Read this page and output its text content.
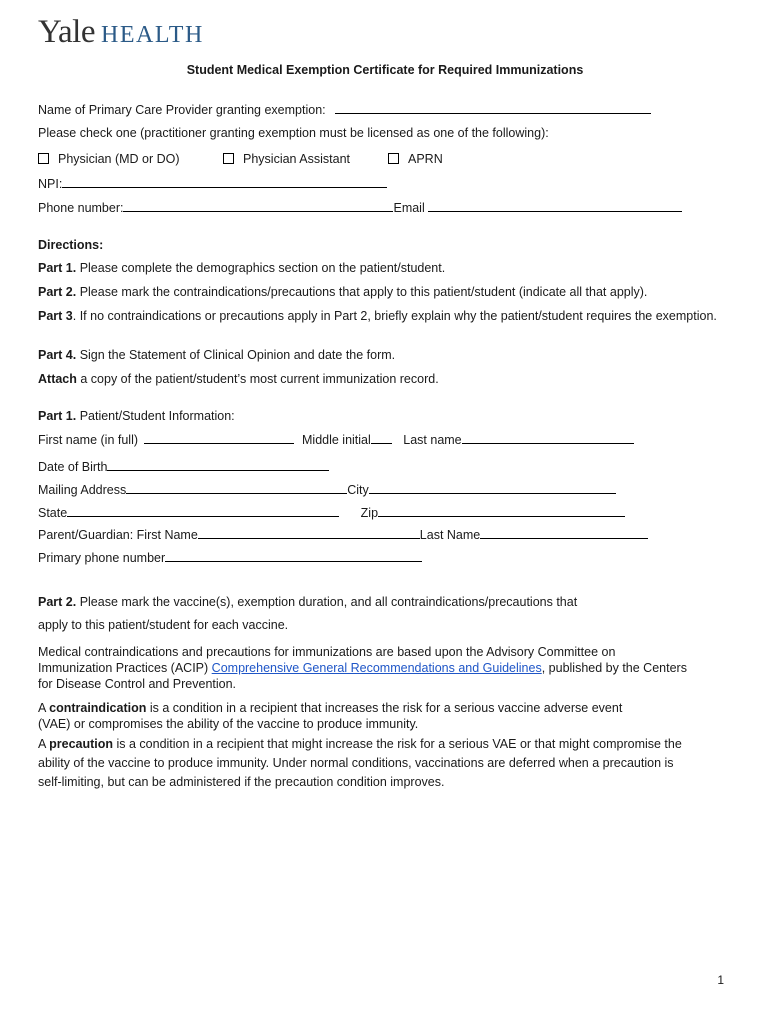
Yale HEALTH
Student Medical Exemption Certificate for Required Immunizations
Name of Primary Care Provider granting exemption:
Please check one (practitioner granting exemption must be licensed as one of the following):
Physician (MD or DO)	Physician Assistant	APRN
NPI:
Phone number:	Email
Directions:
Part 1. Please complete the demographics section on the patient/student.
Part 2. Please mark the contraindications/precautions that apply to this patient/student (indicate all that apply).
Part 3. If no contraindications or precautions apply in Part 2, briefly explain why the patient/student requires the exemption.
Part 4. Sign the Statement of Clinical Opinion and date the form.
Attach a copy of the patient/student’s most current immunization record.
Part 1. Patient/Student Information:
First name (in full)	Middle initial	Last name
Date of Birth
Mailing Address	City
State	Zip
Parent/Guardian: First Name	Last Name
Primary phone number
Part 2. Please mark the vaccine(s), exemption duration, and all contraindications/precautions that
apply to this patient/student for each vaccine.
Medical contraindications and precautions for immunizations are based upon the Advisory Committee on Immunization Practices (ACIP) Comprehensive General Recommendations and Guidelines, published by the Centers for Disease Control and Prevention.
A contraindication is a condition in a recipient that increases the risk for a serious vaccine adverse event (VAE) or compromises the ability of the vaccine to produce immunity.
A precaution is a condition in a recipient that might increase the risk for a serious VAE or that might compromise the ability of the vaccine to produce immunity. Under normal conditions, vaccinations are deferred when a precaution is self-limiting, but can be administered if the precaution condition improves.
1
